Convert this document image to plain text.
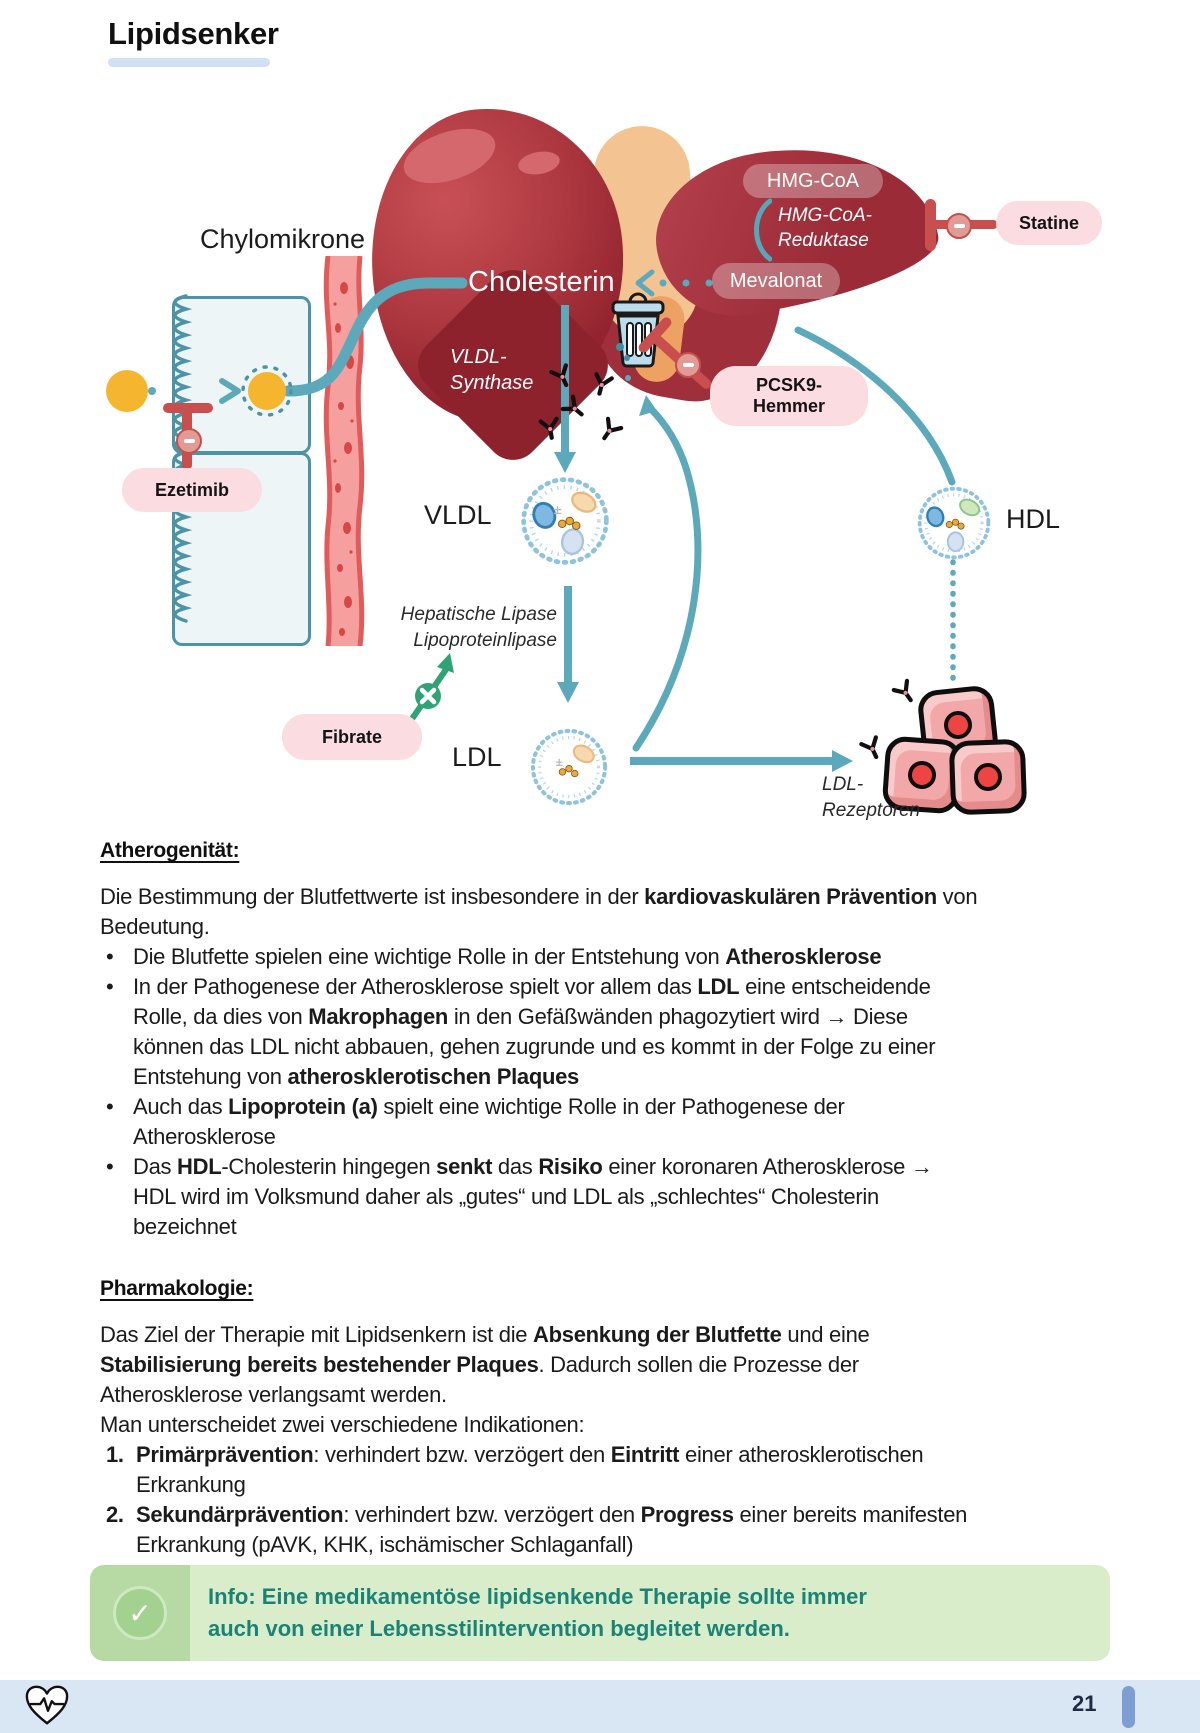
Lipidsenker
Statine
Ezetimib
PCSK9-
Hemmer
Fibrate
HMG-CoA
HMG-CoA-
Reduktase
Mevalonat
Cholesterin
VLDL-
Synthase
Chylomikrone
VLDL
LDL
HDL
Hepatische Lipase
Lipoproteinlipase
LDL-
Rezeptoren
Atherogenität:

Die Bestimmung der Blutfettwerte ist insbesondere in der kardiovaskulären Prävention von Bedeutung.

• Die Blutfette spielen eine wichtige Rolle in der Entstehung von Atherosklerose
• In der Pathogenese der Atherosklerose spielt vor allem das LDL eine entscheidende Rolle, da dies von Makrophagen in den Gefäßwänden phagozytiert wird → Diese können das LDL nicht abbauen, gehen zugrunde und es kommt in der Folge zu einer Entstehung von atherosklerotischen Plaques
• Auch das Lipoprotein (a) spielt eine wichtige Rolle in der Pathogenese der Atherosklerose
• Das HDL-Cholesterin hingegen senkt das Risiko einer koronaren Atherosklerose → HDL wird im Volksmund daher als „gutes“ und LDL als „schlechtes“ Cholesterin bezeichnet
Pharmakologie:

Das Ziel der Therapie mit Lipidsenkern ist die Absenkung der Blutfette und eine Stabilisierung bereits bestehender Plaques. Dadurch sollen die Prozesse der Atherosklerose verlangsamt werden.

Man unterscheidet zwei verschiedene Indikationen:

1. Primärprävention: verhindert bzw. verzögert den Eintritt einer atherosklerotischen Erkrankung
2. Sekundärprävention: verhindert bzw. verzögert den Progress einer bereits manifesten Erkrankung (pAVK, KHK, ischämischer Schlaganfall)
✓
Info: Eine medikamentöse lipidsenkende Therapie sollte immer
auch von einer Lebensstilintervention begleitet werden.
21
